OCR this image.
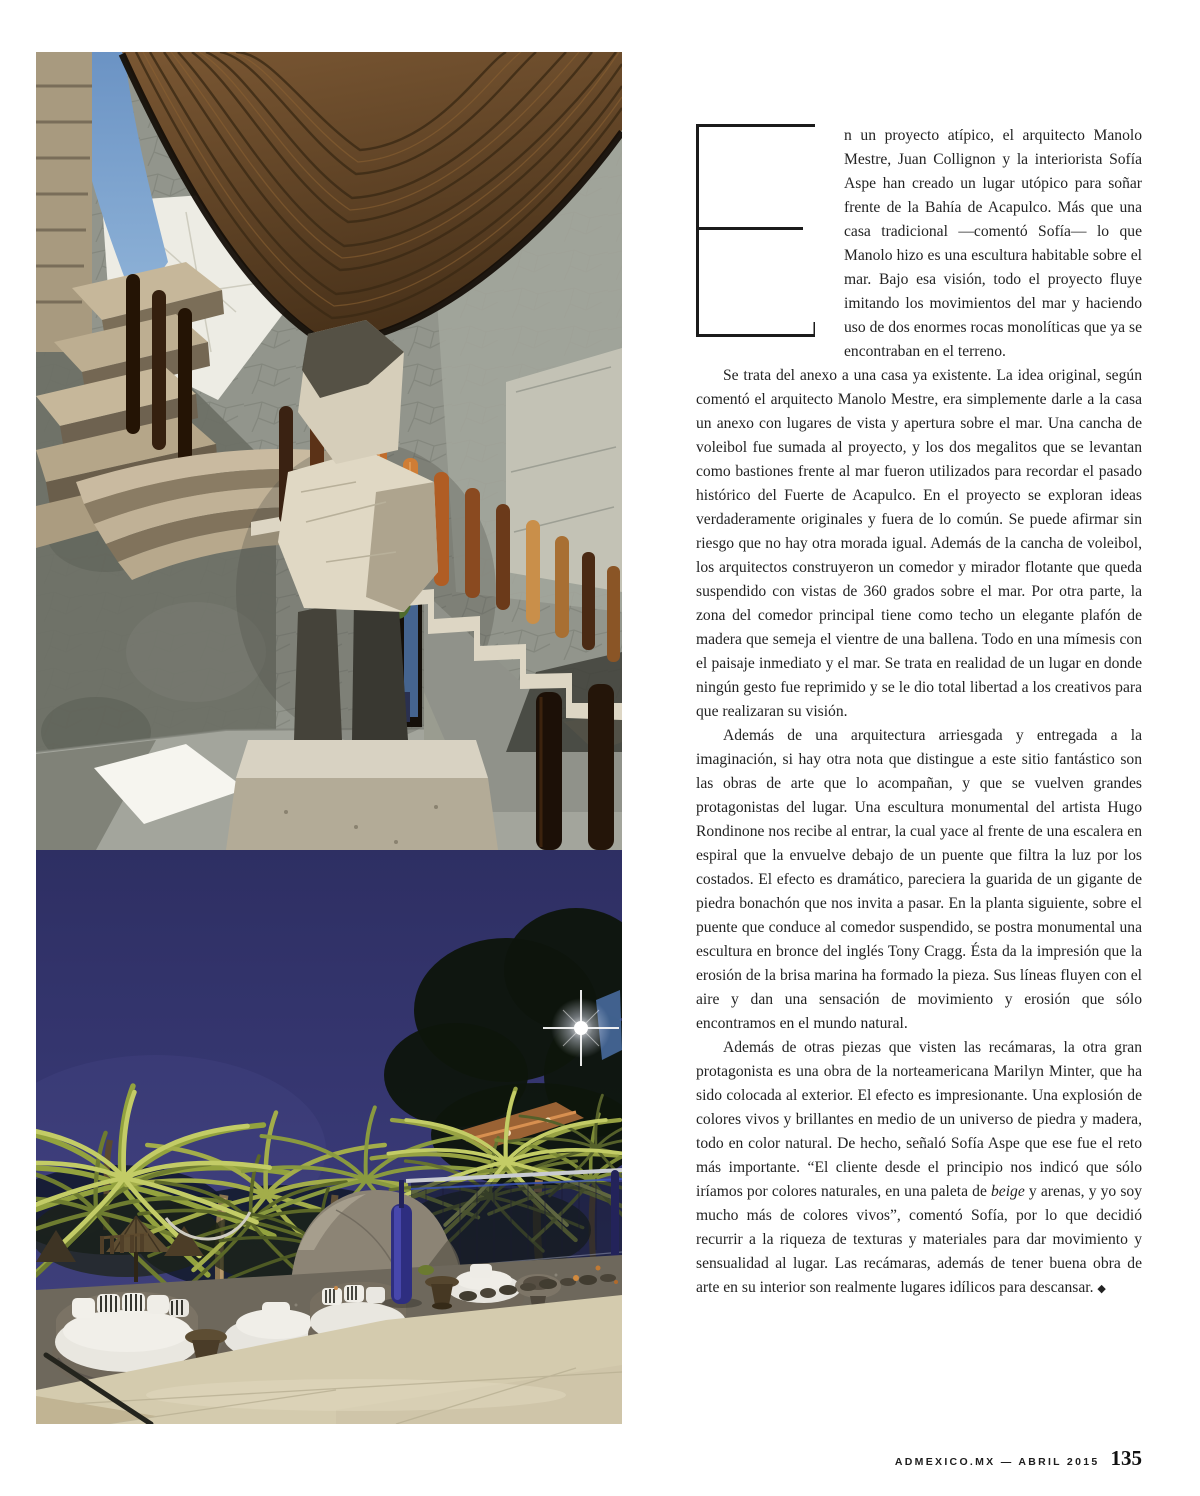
n un proyecto atípico, el arquitecto Manolo Mestre, Juan Collignon y la interiorista Sofía Aspe han creado un lugar utópico para soñar frente de la Bahía de Acapulco. Más que una casa tradicional —comentó Sofía— lo que Manolo hizo es una escultura habitable sobre el mar. Bajo esa visión, todo el proyecto fluye imitando los movimientos del mar y haciendo uso de dos enormes rocas monolíticas que ya se encontraban en el terreno.

Se trata del anexo a una casa ya existente. La idea original, según comentó el arquitecto Manolo Mestre, era simplemente darle a la casa un anexo con lugares de vista y apertura sobre el mar. Una cancha de voleibol fue sumada al proyecto, y los dos megalitos que se levantan como bastiones frente al mar fueron utilizados para recordar el pasado histórico del Fuerte de Acapulco. En el proyecto se exploran ideas verdaderamente originales y fuera de lo común. Se puede afirmar sin riesgo que no hay otra morada igual. Además de la cancha de voleibol, los arquitectos construyeron un comedor y mirador flotante que queda suspendido con vistas de 360 grados sobre el mar. Por otra parte, la zona del comedor principal tiene como techo un elegante plafón de madera que semeja el vientre de una ballena. Todo en una mímesis con el paisaje inmediato y el mar. Se trata en realidad de un lugar en donde ningún gesto fue reprimido y se le dio total libertad a los creativos para que realizaran su visión.

Además de una arquitectura arriesgada y entregada a la imaginación, si hay otra nota que distingue a este sitio fantástico son las obras de arte que lo acompañan, y que se vuelven grandes protagonistas del lugar. Una escultura monumental del artista Hugo Rondinone nos recibe al entrar, la cual yace al frente de una escalera en espiral que la envuelve debajo de un puente que filtra la luz por los costados. El efecto es dramático, pareciera la guarida de un gigante de piedra bonachón que nos invita a pasar. En la planta siguiente, sobre el puente que conduce al comedor suspendido, se postra monumental una escultura en bronce del inglés Tony Cragg. Ésta da la impresión que la erosión de la brisa marina ha formado la pieza. Sus líneas fluyen con el aire y dan una sensación de movimiento y erosión que sólo encontramos en el mundo natural.

Además de otras piezas que visten las recámaras, la otra gran protagonista es una obra de la norteamericana Marilyn Minter, que ha sido colocada al exterior. El efecto es impresionante. Una explosión de colores vivos y brillantes en medio de un universo de piedra y madera, todo en color natural. De hecho, señaló Sofía Aspe que ese fue el reto más importante. “El cliente desde el principio nos indicó que sólo iríamos por colores naturales, en una paleta de beige y arenas, y yo soy mucho más de colores vivos”, comentó Sofía, por lo que decidió recurrir a la riqueza de texturas y materiales para dar movimiento y sensualidad al lugar. Las recámaras, además de tener buena obra de arte en su interior son realmente lugares idílicos para descansar. ◆

ADMEXICO.MX — ABRIL 2015 135
